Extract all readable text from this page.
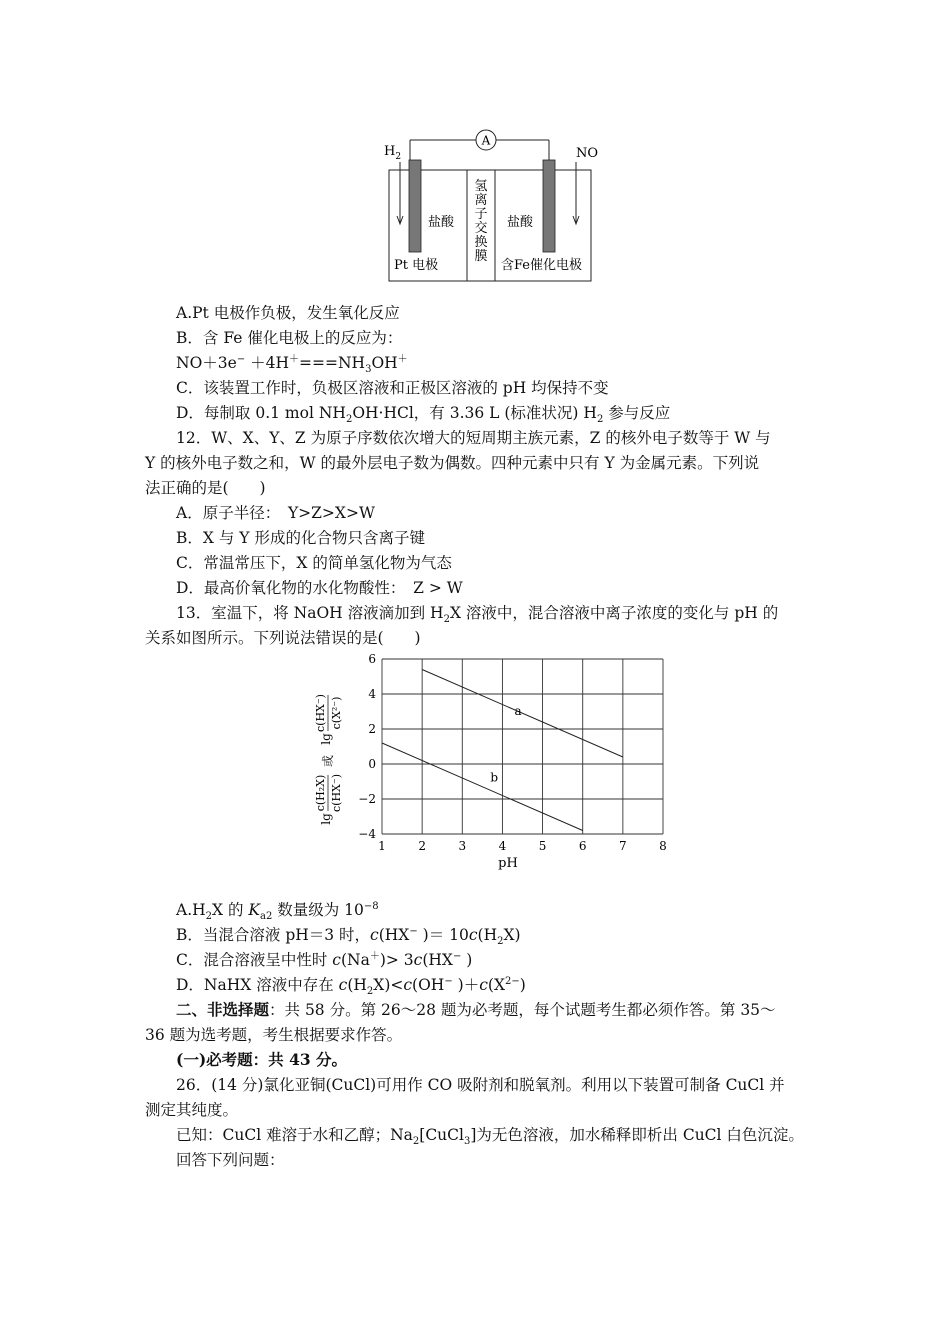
A
$H_2$	NO
盐酸	盐酸
氢
离
子
交
换
膜
Pt 电极	含Fe催化电极
A.Pt 电极作负极，发生氧化反应
B．含 Fe 催化电极上的反应为：
$NO+3e^- +4H^+===NH_3OH^+$
C．该装置工作时，负极区溶液和正极区溶液的 pH 均保持不变
D．每制取 0.1 mol $NH_2OH\cdot HCl$，有 3.36 L (标准状况) $H_2$ 参与反应
12．W、X、Y、Z 为原子序数依次增大的短周期主族元素，Z 的核外电子数等于 W 与
Y 的核外电子数之和，W 的最外层电子数为偶数。四种元素中只有 Y 为金属元素。下列说
法正确的是(　　)
A．原子半径：　Y>Z>X>W
B．X 与 Y 形成的化合物只含离子键
C．常温常压下，X 的简单氢化物为气态
D．最高价氧化物的水化物酸性：　Z > W
13．室温下，将 NaOH 溶液滴加到 $H_2X$ 溶液中，混合溶液中离子浓度的变化与 pH 的
关系如图所示。下列说法错误的是(　　)
a
b
1	2	3	4	5	6	7	8
6
4
2
0
−2
−4
pH
lg
c(H₂X) c(HX⁻)
或
lg
c(HX⁻) c(X²⁻)
$A.H_2X$ 的 $K_{a2}$ 数量级为 $10^{-8}$
B．当混合溶液 pH＝3 时，c(HX− )＝ $10c(H_2X)$
C．混合溶液呈中性时 c(Na＋)> 3c(HX− )
D．NaHX 溶液中存在 $c(H_2X)<c(OH^-$ )$+c(X^{2-})$
二、非选择题：共 58 分。第 26～28 题为必考题，每个试题考生都必须作答。第 35～
36 题为选考题，考生根据要求作答。
(一)必考题：共 43 分。
26．(14 分)氯化亚铜(CuCl)可用作 CO 吸附剂和脱氧剂。利用以下装置可制备 CuCl 并
测定其纯度。
已知：CuCl 难溶于水和乙醇；$Na_2[CuCl_3]$为无色溶液，加水稀释即析出 CuCl 白色沉淀。
回答下列问题：
